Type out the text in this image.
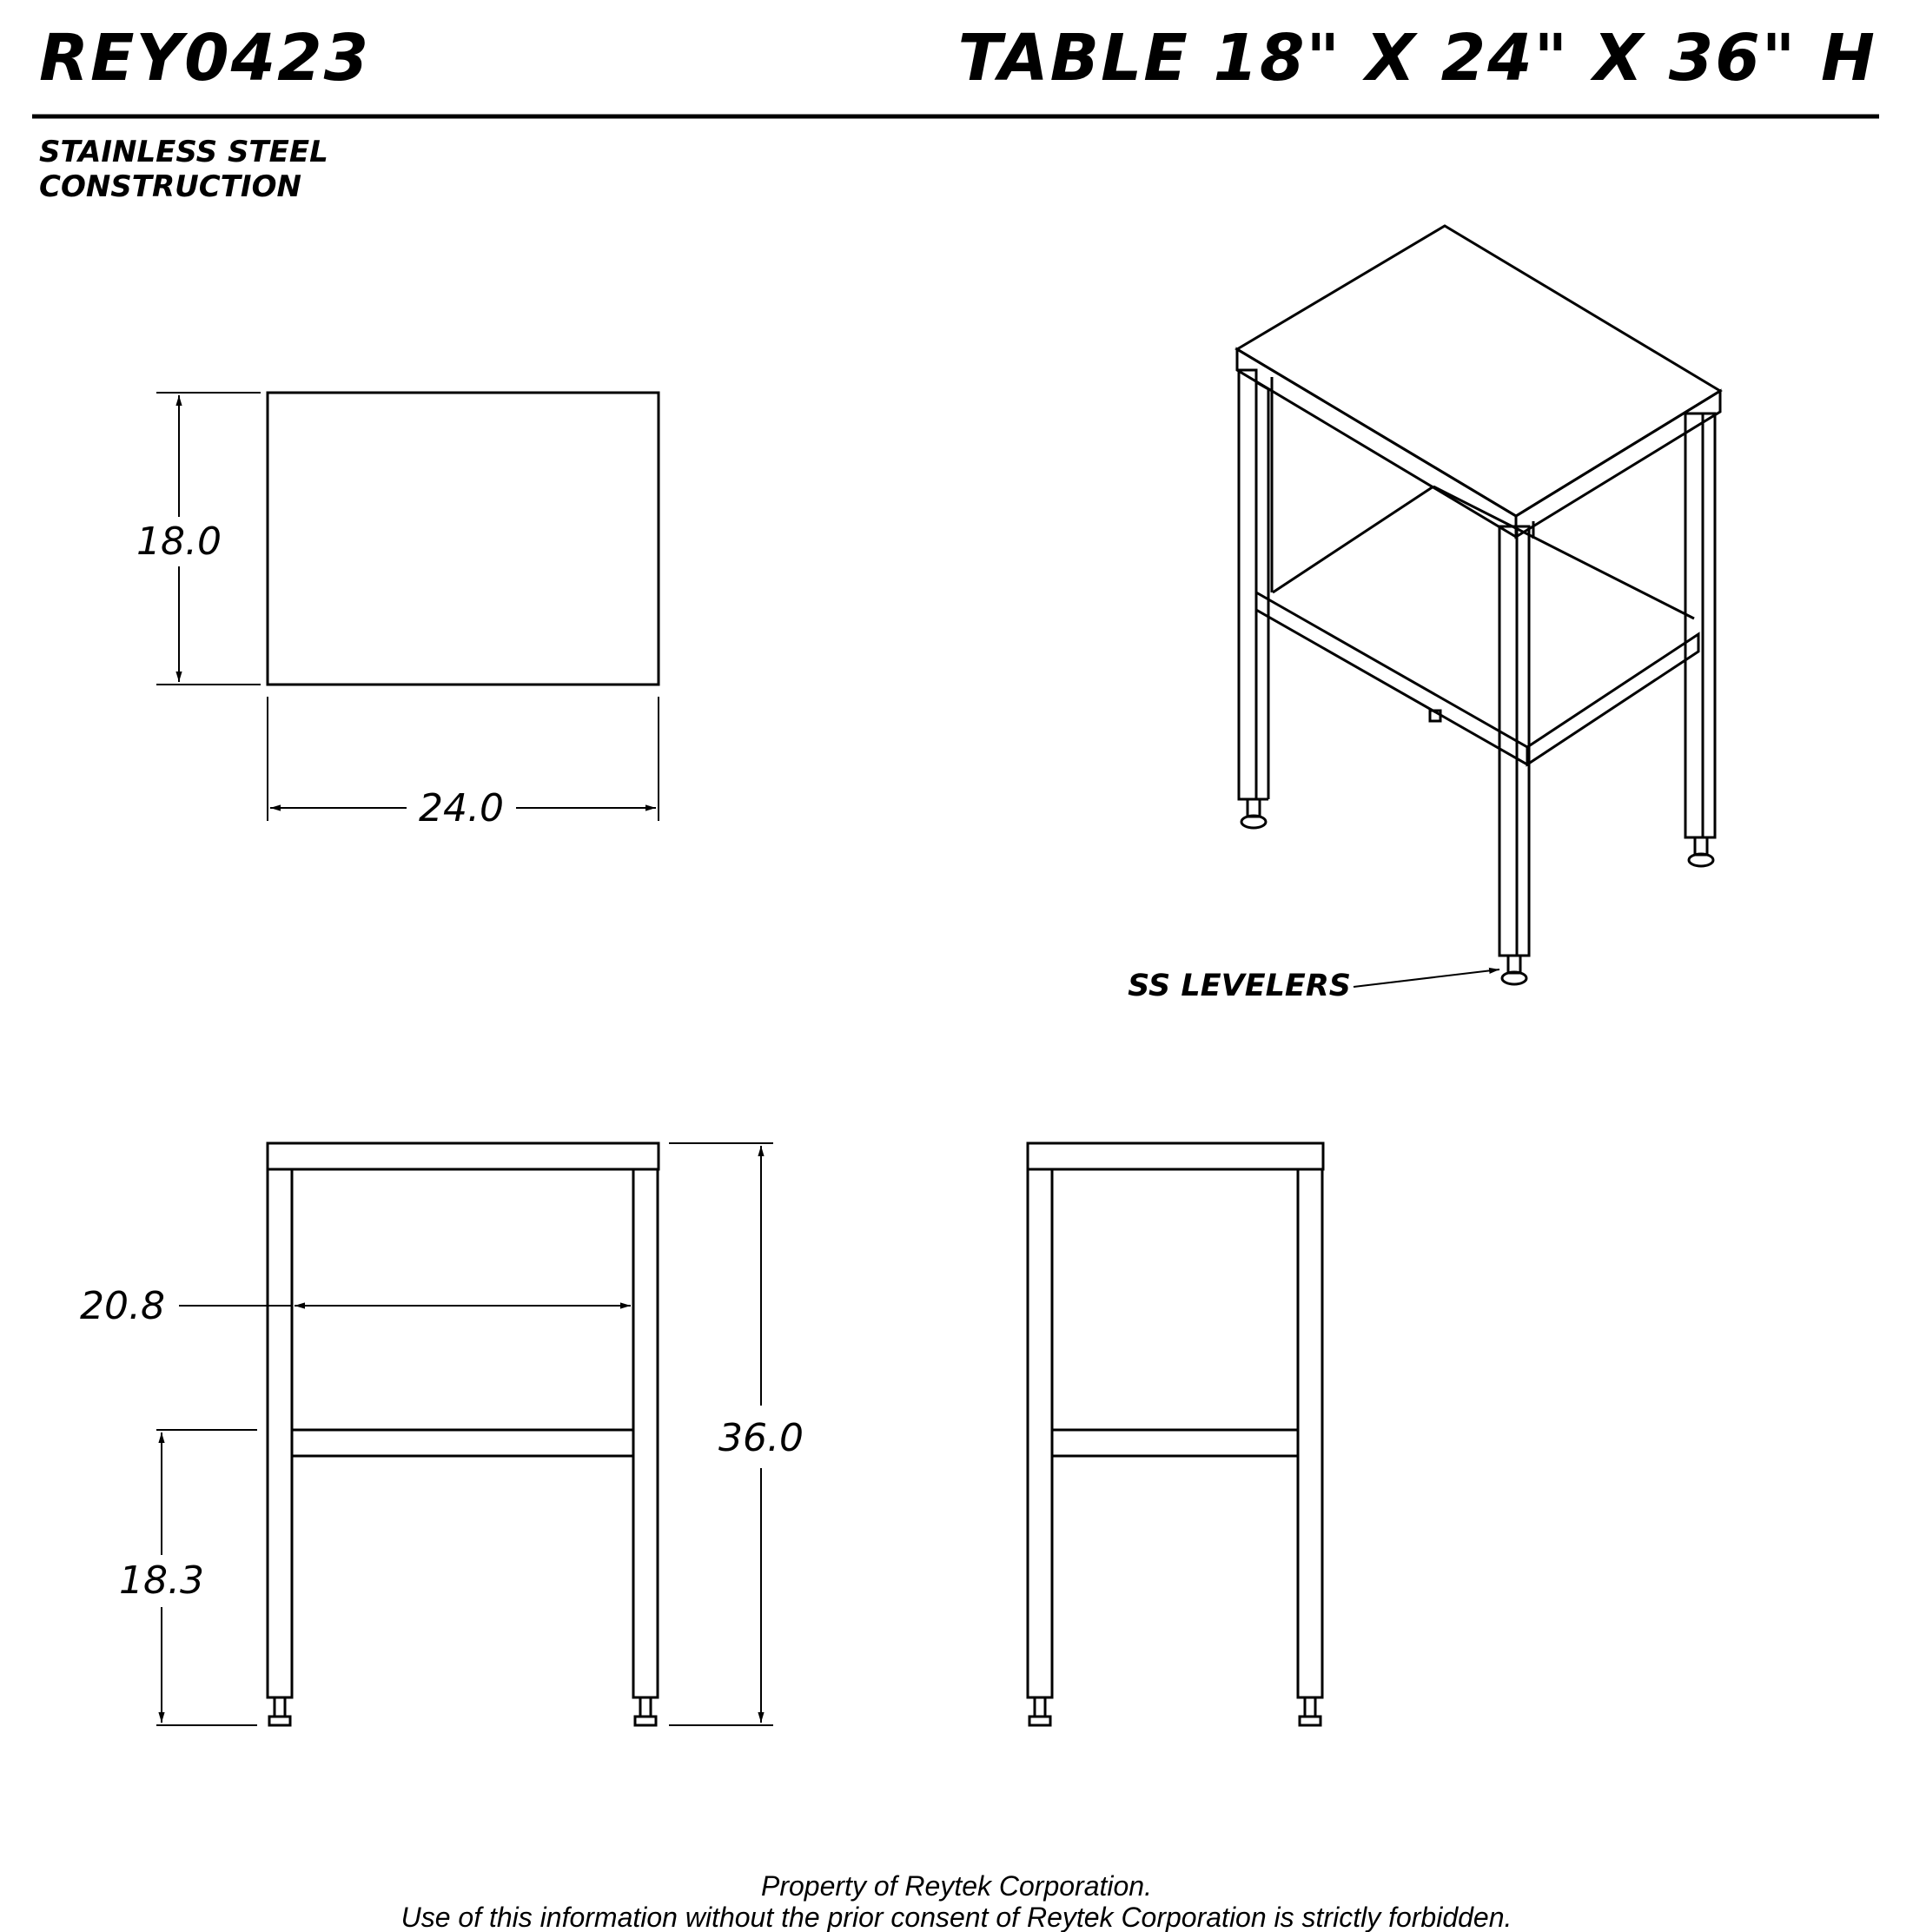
REY0423	TABLE 18" X 24" X 36" H
STAINLESS STEEL
CONSTRUCTION
18.0
24.0
SS LEVELERS
20.8
18.3
36.0
Property of Reytek Corporation.
Use of this information without the prior consent of Reytek Corporation is strictly forbidden.
